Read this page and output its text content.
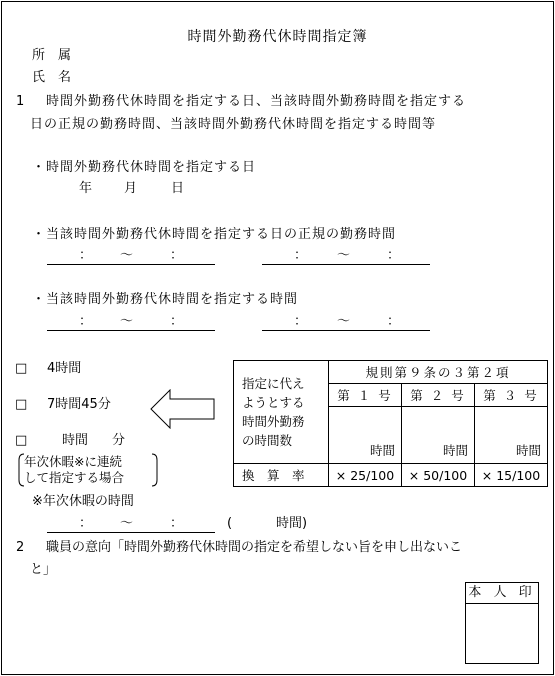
時間外勤務代休時間指定簿
所　属
氏　名
1 時間外勤務代休時間を指定する日、当該時間外勤務時間を指定する
日の正規の勤務時間、当該時間外勤務代休時間を指定する時間等
・時間外勤務代休時間を指定する日
年 月	日
・当該時間外勤務代休時間を指定する日の正規の勤務時間
： ～	：	： ～	：
・当該時間外勤務代休時間を指定する時間
： ～	：	： ～	：
□ 4時間
□ 7時間45分
□	時間 分
年次休暇※に連続
して指定する場合
※年次休暇の時間
： ～	：	(	時間)
指定に代え
ようとする
時間外勤務
の時間数	規則第９条の３第２項		
	第 １ 号	第 ２ 号	第 ３ 号
	時間	時間	時間
換　算　率	× 25/100	× 50/100	× 15/100
2 職員の意向「時間外勤務代休時間の指定を希望しない旨を申し出ないこ
と」
本 人 印
